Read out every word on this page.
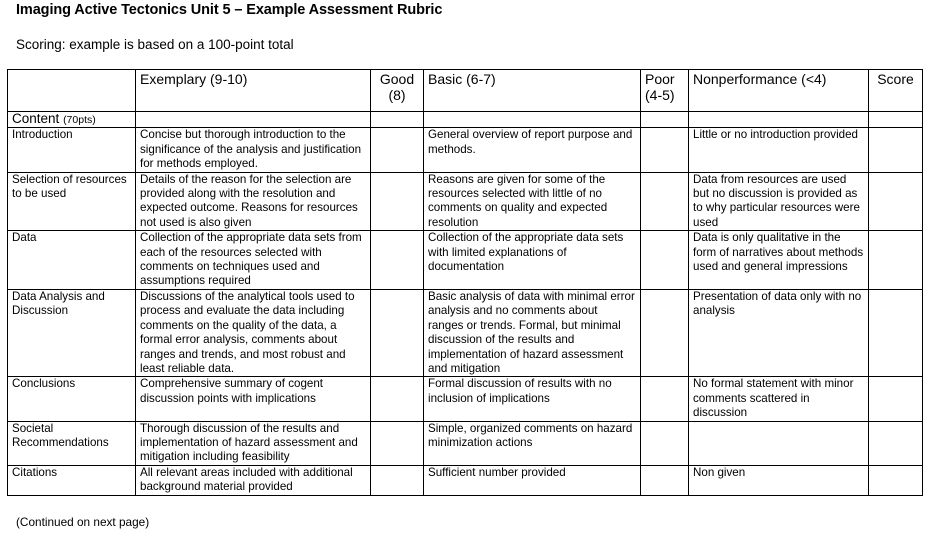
Imaging Active Tectonics Unit 5 – Example Assessment Rubric
Scoring: example is based on a 100-point total
	Exemplary (9-10)	Good (8)	Basic (6-7)	Poor (4-5)	Nonperformance (<4)	Score
Content (70pts)						
Introduction	Concise but thorough introduction to the significance of the analysis and justification for methods employed.		General overview of report purpose and methods.		Little or no introduction provided	
Selection of resources to be used	Details of the reason for the selection are provided along with the resolution and expected outcome. Reasons for resources not used is also given		Reasons are given for some of the resources selected with little of no comments on quality and expected resolution		Data from resources are used but no discussion is provided as to why particular resources were used	
Data	Collection of the appropriate data sets from each of the resources selected with comments on techniques used and assumptions required		Collection of the appropriate data sets with limited explanations of documentation		Data is only qualitative in the form of narratives about methods used and general impressions	
Data Analysis and Discussion	Discussions of the analytical tools used to process and evaluate the data including comments on the quality of the data, a formal error analysis, comments about ranges and trends, and most robust and least reliable data.		Basic analysis of data with minimal error analysis and no comments about ranges or trends. Formal, but minimal discussion of the results and implementation of hazard assessment and mitigation		Presentation of data only with no analysis	
Conclusions	Comprehensive summary of cogent discussion points with implications		Formal discussion of results with no inclusion of implications		No formal statement with minor comments scattered in discussion	
Societal Recommendations	Thorough discussion of the results and implementation of hazard assessment and mitigation including feasibility		Simple, organized comments on hazard minimization actions			
Citations	All relevant areas included with additional background material provided		Sufficient number provided		Non given	
(Continued on next page)
